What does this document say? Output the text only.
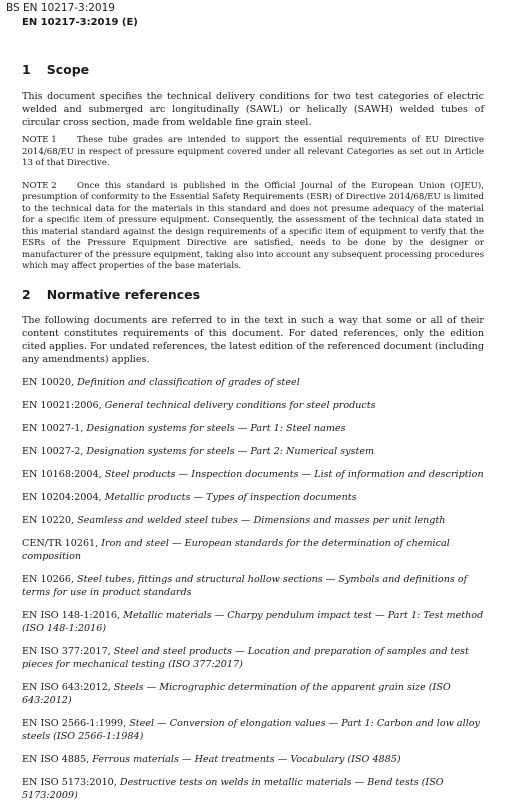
BS EN 10217-3:2019
EN 10217-3:2019 (E)
1 Scope

This document specifies the technical delivery conditions for two test categories of electric welded and submerged arc longitudinally (SAWL) or helically (SAWH) welded tubes of circular cross section, made from weldable fine grain steel.

NOTE 1 These tube grades are intended to support the essential requirements of EU Directive 2014/68/EU in respect of pressure equipment covered under all relevant Categories as set out in Article 13 of that Directive.

NOTE 2 Once this standard is published in the Official Journal of the European Union (OJEU), presumption of conformity to the Essential Safety Requirements (ESR) of Directive 2014/68/EU is limited to the technical data for the materials in this standard and does not presume adequacy of the material for a specific item of pressure equipment. Consequently, the assessment of the technical data stated in this material standard against the design requirements of a specific item of equipment to verify that the ESRs of the Pressure Equipment Directive are satisfied, needs to be done by the designer or manufacturer of the pressure equipment, taking also into account any subsequent processing procedures which may affect properties of the base materials.

2 Normative references

The following documents are referred to in the text in such a way that some or all of their content constitutes requirements of this document. For dated references, only the edition cited applies. For undated references, the latest edition of the referenced document (including any amendments) applies.

EN 10020, Definition and classification of grades of steel

EN 10021:2006, General technical delivery conditions for steel products

EN 10027-1, Designation systems for steels — Part 1: Steel names

EN 10027-2, Designation systems for steels — Part 2: Numerical system

EN 10168:2004, Steel products — Inspection documents — List of information and description

EN 10204:2004, Metallic products — Types of inspection documents

EN 10220, Seamless and welded steel tubes — Dimensions and masses per unit length

CEN/TR 10261, Iron and steel — European standards for the determination of chemical composition

EN 10266, Steel tubes, fittings and structural hollow sections — Symbols and definitions of terms for use in product standards

EN ISO 148-1:2016, Metallic materials — Charpy pendulum impact test — Part 1: Test method (ISO 148-1:2016)

EN ISO 377:2017, Steel and steel products — Location and preparation of samples and test pieces for mechanical testing (ISO 377:2017)

EN ISO 643:2012, Steels — Micrographic determination of the apparent grain size (ISO 643:2012)

EN ISO 2566-1:1999, Steel — Conversion of elongation values — Part 1: Carbon and low alloy steels (ISO 2566-1:1984)

EN ISO 4885, Ferrous materials — Heat treatments — Vocabulary (ISO 4885)

EN ISO 5173:2010, Destructive tests on welds in metallic materials — Bend tests (ISO 5173:2009)
